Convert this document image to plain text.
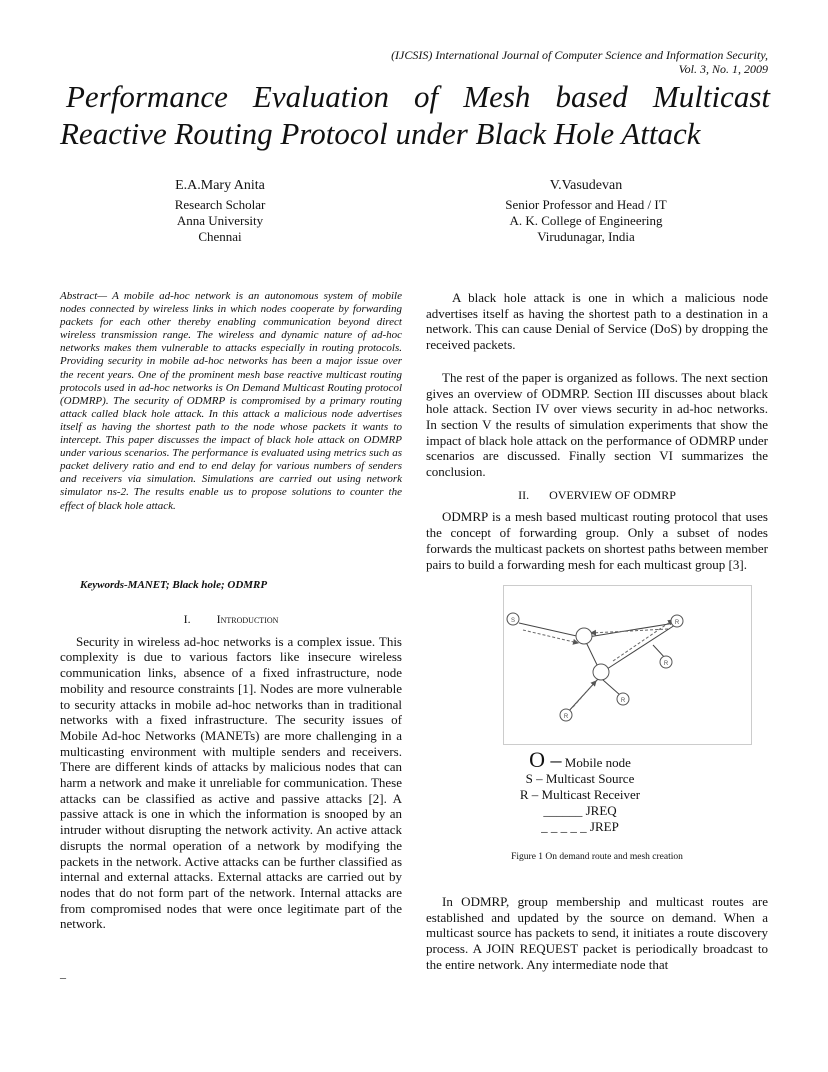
(IJCSIS) International Journal of Computer Science and Information Security,
Vol. 3, No. 1, 2009
Performance Evaluation of Mesh based Multicast
Reactive Routing Protocol under Black Hole Attack
E.A.Mary Anita
Research Scholar
Anna University
Chennai
V.Vasudevan
Senior Professor and Head / IT
A. K. College of Engineering
Virudunagar, India
Abstract— A mobile ad-hoc network is an autonomous system of mobile nodes connected by wireless links in which nodes cooperate by forwarding packets for each other thereby enabling communication beyond direct wireless transmission range. The wireless and dynamic nature of ad-hoc networks makes them vulnerable to attacks especially in routing protocols. Providing security in mobile ad-hoc networks has been a major issue over the recent years. One of the prominent mesh base reactive multicast routing protocols used in ad-hoc networks is On Demand Multicast Routing protocol (ODMRP). The security of ODMRP is compromised by a primary routing attack called black hole attack. In this attack a malicious node advertises itself as having the shortest path to the node whose packets it wants to intercept. This paper discusses the impact of black hole attack on ODMRP under various scenarios. The performance is evaluated using metrics such as packet delivery ratio and end to end delay for various numbers of senders and receivers via simulation. Simulations are carried out using network simulator ns-2. The results enable us to propose solutions to counter the effect of black hole attack.
Keywords-MANET; Black hole; ODMRP
I. Introduction

Security in wireless ad-hoc networks is a complex issue. This complexity is due to various factors like insecure wireless communication links, absence of a fixed infrastructure, node mobility and resource constraints [1]. Nodes are more vulnerable to security attacks in mobile ad-hoc networks than in traditional networks with a fixed infrastructure. The security issues of Mobile Ad-hoc Networks (MANETs) are more challenging in a multicasting environment with multiple senders and receivers. There are different kinds of attacks by malicious nodes that can harm a network and make it unreliable for communication. These attacks can be classified as active and passive attacks [2]. A passive attack is one in which the information is snooped by an intruder without disrupting the network activity. An active attack disrupts the normal operation of a network by modifying the packets in the network. Active attacks can be further classified as internal and external attacks. External attacks are carried out by nodes that do not form part of the network. Internal attacks are from compromised nodes that were once legitimate part of the network.

_

A black hole attack is one in which a malicious node advertises itself as having the shortest path to a destination in a network. This can cause Denial of Service (DoS) by dropping the received packets.

The rest of the paper is organized as follows. The next section gives an overview of ODMRP. Section III discusses about black hole attack. Section IV over views security in ad-hoc networks. In section V the results of simulation experiments that show the impact of black hole attack on the performance of ODMRP under scenarios are discussed. Finally section VI summarizes the conclusion.

II. OVERVIEW OF ODMRP

ODMRP is a mesh based multicast routing protocol that uses the concept of forwarding group. Only a subset of nodes forwards the multicast packets on shortest paths between member pairs to build a forwarding mesh for each multicast group [3].

S	R
R
R
R
O – Mobile node
S – Multicast Source
R – Multicast Receiver
______ JREQ
_ _ _ _ _ JREP
Figure 1 On demand route and mesh creation

In ODMRP, group membership and multicast routes are established and updated by the source on demand. When a multicast source has packets to send, it initiates a route discovery process. A JOIN REQUEST packet is periodically broadcast to the entire network. Any intermediate node that
